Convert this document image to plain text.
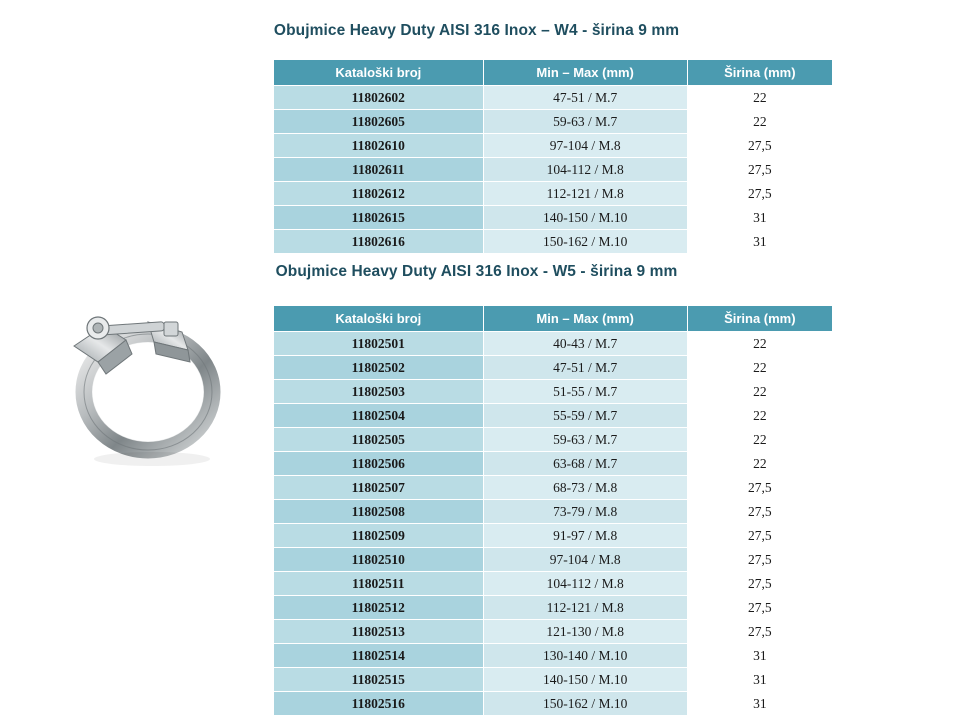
Obujmice Heavy Duty AISI 316 Inox – W4 - širina 9 mm
Kataloški broj	Min – Max (mm)	Širina (mm)
11802602	47-51 / M.7	22
11802605	59-63 / M.7	22
11802610	97-104 / M.8	27,5
11802611	104-112 / M.8	27,5
11802612	112-121 / M.8	27,5
11802615	140-150 / M.10	31
11802616	150-162 / M.10	31
Obujmice Heavy Duty AISI 316 Inox - W5 - širina 9 mm
Kataloški broj	Min – Max (mm)	Širina (mm)
11802501	40-43 / M.7	22
11802502	47-51 / M.7	22
11802503	51-55 / M.7	22
11802504	55-59 / M.7	22
11802505	59-63 / M.7	22
11802506	63-68 / M.7	22
11802507	68-73 / M.8	27,5
11802508	73-79 / M.8	27,5
11802509	91-97 / M.8	27,5
11802510	97-104 / M.8	27,5
11802511	104-112 / M.8	27,5
11802512	112-121 / M.8	27,5
11802513	121-130 / M.8	27,5
11802514	130-140 / M.10	31
11802515	140-150 / M.10	31
11802516	150-162 / M.10	31
